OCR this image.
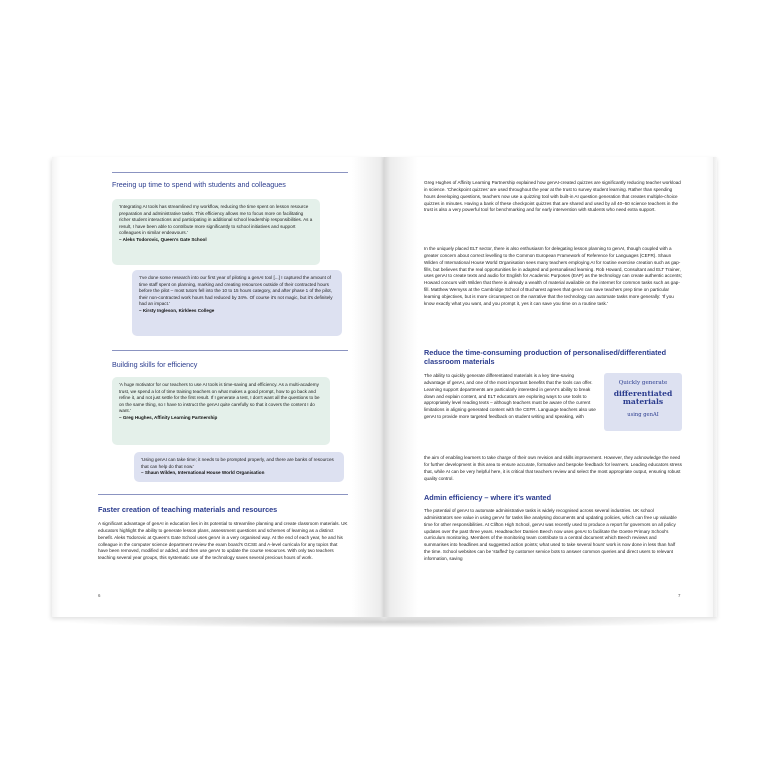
Freeing up time to spend with students and colleagues
'Integrating AI tools has streamlined my workflow, reducing the time spent on lesson resource preparation and administrative tasks. This efficiency allows me to focus more on facilitating richer student interactions and participating in additional school leadership responsibilities. As a result, I have been able to contribute more significantly to school initiatives and support colleagues in similar endeavours.'
– Aleks Todorovic, Queen's Gate School
'I've done some research into our first year of piloting a genAI tool [...] I captured the amount of time staff spent on planning, marking and creating resources outside of their contracted hours before the pilot – most tutors fell into the 10 to 15 hours category, and after phase 1 of the pilot, their non-contracted work hours had reduced by 34%. Of course it's not magic, but it's definitely had an impact.'
– Kirsty Ingleson, Kirklees College
Building skills for efficiency
'A huge motivator for our teachers to use AI tools is time-saving and efficiency. As a multi-academy trust, we spend a lot of time training teachers on what makes a good prompt, how to go back and refine it, and not just settle for the first result. If I generate a test, I don't want all the questions to be on the same thing, so I have to instruct the genAI quite carefully so that it covers the content I do want.'
– Greg Hughes, Affinity Learning Partnership
'Using genAI can take time; it needs to be prompted properly, and there are banks of resources that can help do that now.'
– Shaun Wilden, International House World Organisation
Faster creation of teaching materials and resources
A significant advantage of genAI in education lies in its potential to streamline planning and create classroom materials. UK educators highlight the ability to generate lesson plans, assessment questions and schemes of learning as a distinct benefit. Aleks Todorovic at Queen's Gate School uses genAI in a very organised way. At the end of each year, he and his colleague in the computer science department review the exam board's GCSE and A-level curricula for any topics that have been removed, modified or added, and then use genAI to update the course resources. With only two teachers teaching several year groups, this systematic use of the technology saves several precious hours of work.
6
Greg Hughes of Affinity Learning Partnership explained how genAI-created quizzes are significantly reducing teacher workload in science. 'Checkpoint quizzes' are used throughout the year at the trust to survey student learning. Rather than spending hours developing questions, teachers now use a quizzing tool with built-in AI question generation that creates multiple-choice quizzes in minutes. Having a bank of these checkpoint quizzes that are shared and used by all 40–50 science teachers in the trust is also a very powerful tool for benchmarking and for early intervention with students who need extra support.
In the uniquely placed ELT sector, there is also enthusiasm for delegating lesson planning to genAI, though coupled with a greater concern about correct levelling to the Common European Framework of Reference for Languages (CEFR). Shaun Wilden of International House World Organisation sees many teachers employing AI for routine exercise creation such as gap-fills, but believes that the real opportunities lie in adapted and personalised learning. Rob Howard, Consultant and ELT Trainer, uses genAI to create texts and audio for English for Academic Purposes (EAP) as the technology can create authentic accents; Howard concurs with Wilden that there is already a wealth of material available on the internet for common tasks such as gap-fill. Matthew Wemyss at the Cambridge School of Bucharest agrees that genAI can save teachers prep time on particular learning objectives, but is more circumspect on the narrative that the technology can automate tasks more generally: 'If you know exactly what you want, and you prompt it, yes it can save you time on a routine task.'
Reduce the time-consuming production of personalised/differentiated classroom materials
The ability to quickly generate differentiated materials is a key time-saving advantage of genAI, and one of the most important benefits that the tools can offer. Learning support departments are particularly interested in genAI's ability to break down and explain content, and ELT educators are exploring ways to use tools to appropriately level reading texts – although teachers must be aware of the current limitations in aligning generated content with the CEFR. Language teachers also use genAI to provide more targeted feedback on student writing and speaking, with
Quickly generate
differentiated materials
using genAI
the aim of enabling learners to take charge of their own revision and skills improvement. However, they acknowledge the need for further development in this area to ensure accurate, formative and bespoke feedback for learners. Leading educators stress that, while AI can be very helpful here, it is critical that teachers review and select the most appropriate output, ensuring robust quality control.
Admin efficiency – where it's wanted
The potential of genAI to automate administrative tasks is widely recognised across several industries. UK school administrators see value in using genAI for tasks like analysing documents and updating policies, which can free up valuable time for other responsibilities. At Clifton High School, genAI was recently used to produce a report for governors on all policy updates over the past three years. Headteacher Damien Beech now uses genAI to facilitate the Goetre Primary School's curriculum monitoring. Members of the monitoring team contribute to a central document which Beech reviews and summarises into headlines and suggested action points; what used to take several hours' work is now done in less than half the time. School websites can be 'staffed' by customer service bots to answer common queries and direct users to relevant information, saving
7
